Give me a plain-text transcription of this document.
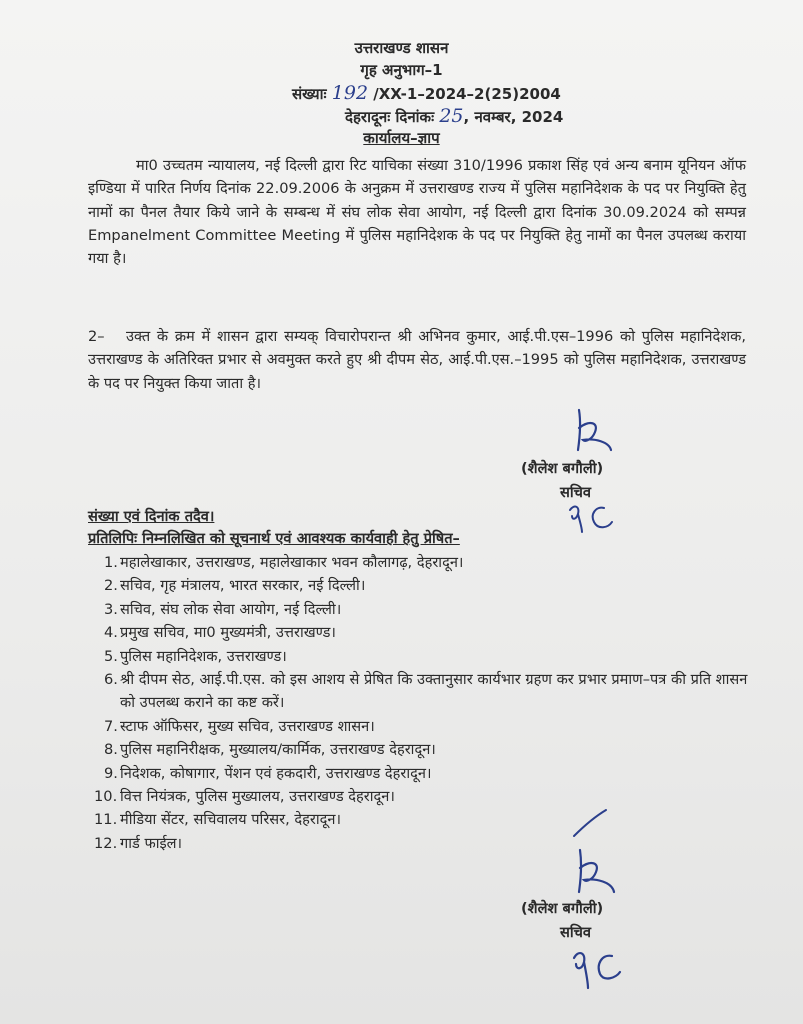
उत्तराखण्ड शासन
गृह अनुभाग–1
संख्याः 192 /XX-1–2024–2(25)2004
देहरादूनः दिनांकः 25, नवम्बर, 2024
कार्यालय–ज्ञाप

मा0 उच्चतम न्यायालय, नई दिल्ली द्वारा रिट याचिका संख्या 310/1996 प्रकाश सिंह एवं अन्य बनाम यूनियन ऑफ इण्डिया में पारित निर्णय दिनांक 22.09.2006 के अनुक्रम में उत्तराखण्ड राज्य में पुलिस महानिदेशक के पद पर नियुक्ति हेतु नामों का पैनल तैयार किये जाने के सम्बन्ध में संघ लोक सेवा आयोग, नई दिल्ली द्वारा दिनांक 30.09.2024 को सम्पन्न Empanelment Committee Meeting में पुलिस महानिदेशक के पद पर नियुक्ति हेतु नामों का पैनल उपलब्ध कराया गया है।

2– उक्त के क्रम में शासन द्वारा सम्यक् विचारोपरान्त श्री अभिनव कुमार, आई.पी.एस–1996 को पुलिस महानिदेशक, उत्तराखण्ड के अतिरिक्त प्रभार से अवमुक्त करते हुए श्री दीपम सेठ, आई.पी.एस.–1995 को पुलिस महानिदेशक, उत्तराखण्ड के पद पर नियुक्त किया जाता है।

(शैलेश बगौली)
सचिव
संख्या एवं दिनांक तदैव।
प्रतिलिपिः निम्नलिखित को सूचनार्थ एवं आवश्यक कार्यवाही हेतु प्रेषित–
1. महालेखाकार, उत्तराखण्ड, महालेखाकार भवन कौलागढ़, देहरादून।
2. सचिव, गृह मंत्रालय, भारत सरकार, नई दिल्ली।
3. सचिव, संघ लोक सेवा आयोग, नई दिल्ली।
4. प्रमुख सचिव, मा0 मुख्यमंत्री, उत्तराखण्ड।
5. पुलिस महानिदेशक, उत्तराखण्ड।
6. श्री दीपम सेठ, आई.पी.एस. को इस आशय से प्रेषित कि उक्तानुसार कार्यभार ग्रहण कर प्रभार प्रमाण–पत्र की प्रति शासन को उपलब्ध कराने का कष्ट करें।
7. स्टाफ ऑफिसर, मुख्य सचिव, उत्तराखण्ड शासन।
8. पुलिस महानिरीक्षक, मुख्यालय/कार्मिक, उत्तराखण्ड देहरादून।
9. निदेशक, कोषागार, पेंशन एवं हकदारी, उत्तराखण्ड देहरादून।
10. वित्त नियंत्रक, पुलिस मुख्यालय, उत्तराखण्ड देहरादून।
11. मीडिया सेंटर, सचिवालय परिसर, देहरादून।
12. गार्ड फाईल।
(शैलेश बगौली)
सचिव
